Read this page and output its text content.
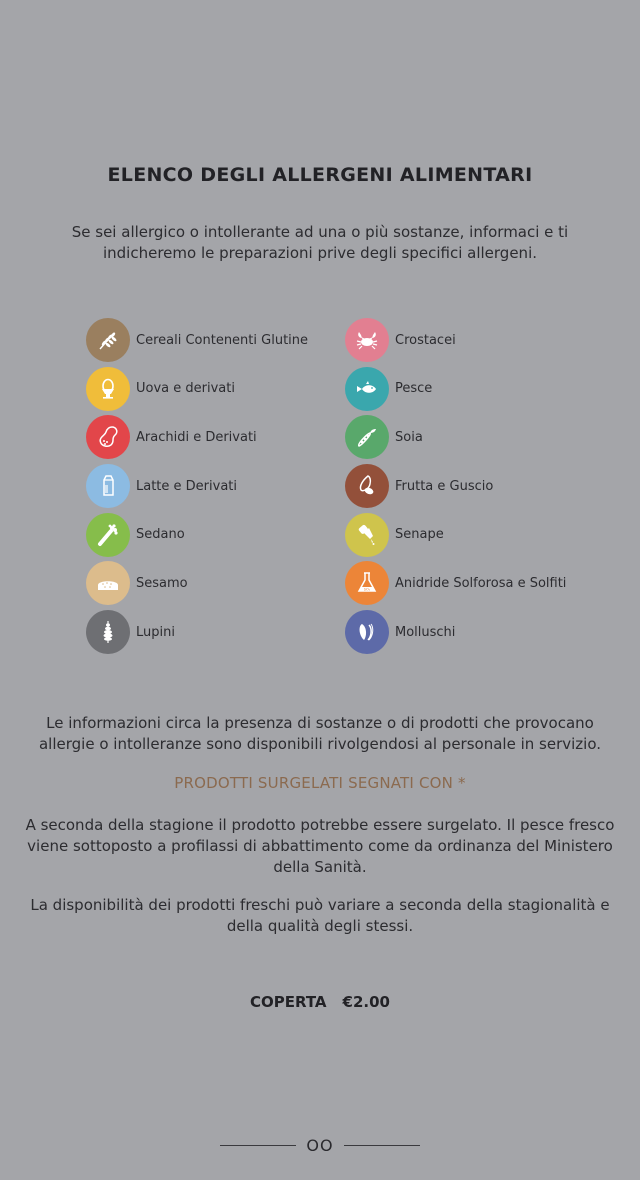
ELENCO DEGLI ALLERGENI ALIMENTARI
Se sei allergico o intollerante ad una o più sostanze, informaci e ti indicheremo le preparazioni prive degli specifici allergeni.
Cereali Contenenti Glutine
Uova e derivati
Arachidi e Derivati
Latte e Derivati
Sedano
Sesamo
Lupini
Crostacei
Pesce
Soia
Frutta e Guscio
Senape
SO₂ Anidride Solforosa e Solfiti
Molluschi
Le informazioni circa la presenza di sostanze o di prodotti che provocano allergie o intolleranze sono disponibili rivolgendosi al personale in servizio.
PRODOTTI SURGELATI SEGNATI CON *
A seconda della stagione il prodotto potrebbe essere surgelato. Il pesce fresco viene sottoposto a profilassi di abbattimento come da ordinanza del Ministero della Sanità.
La disponibilità dei prodotti freschi può variare a seconda della stagionalità e della qualità degli stessi.
COPERTA €2.00
OO
